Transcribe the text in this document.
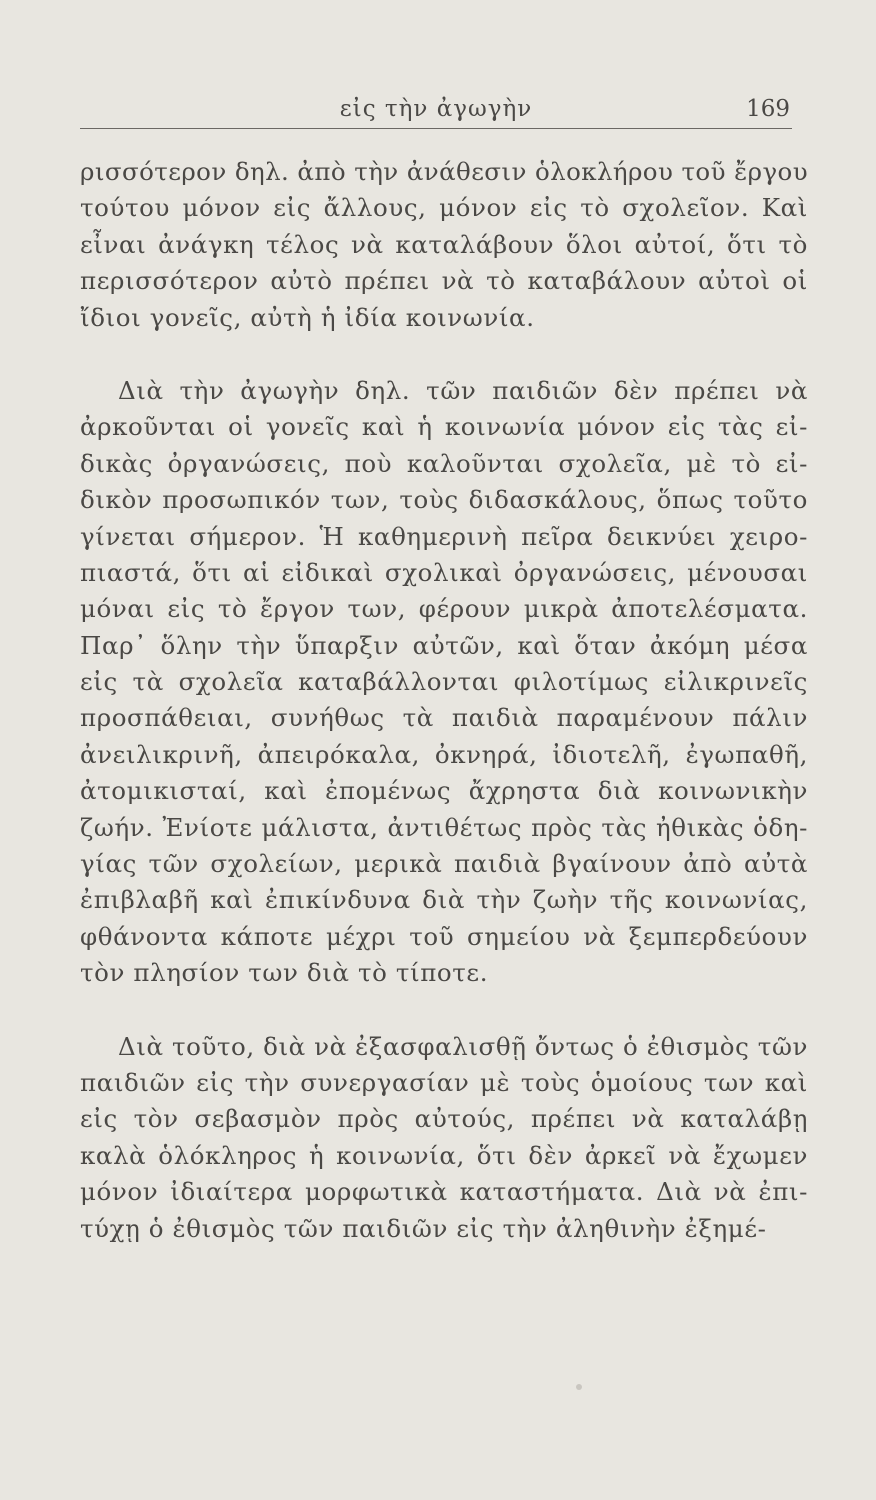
εἰς τὴν ἀγωγὴν	169
ρισσότερον δηλ. ἀπὸ τὴν ἀνάθεσιν ὁλοκλήρου τοῦ ἔργου
τούτου μόνον εἰς ἄλλους, μόνον εἰς τὸ σχολεῖον. Καὶ
εἶναι ἀνάγκη τέλος νὰ καταλάβουν ὅλοι αὐτοί, ὅτι τὸ
περισσότερον αὐτὸ πρέπει νὰ τὸ καταβάλουν αὐτοὶ οἱ
ἴδιοι γονεῖς, αὐτὴ ἡ ἰδία κοινωνία.
Διὰ τὴν ἀγωγὴν δηλ. τῶν παιδιῶν δὲν πρέπει νὰ
ἀρκοῦνται οἱ γονεῖς καὶ ἡ κοινωνία μόνον εἰς τὰς εἰ-
δικὰς ὀργανώσεις, ποὺ καλοῦνται σχολεῖα, μὲ τὸ εἰ-
δικὸν προσωπικόν των, τοὺς διδασκάλους, ὅπως τοῦτο
γίνεται σήμερον. Ἡ καθημερινὴ πεῖρα δεικνύει χειρο-
πιαστά, ὅτι αἱ εἰδικαὶ σχολικαὶ ὀργανώσεις, μένουσαι
μόναι εἰς τὸ ἔργον των, φέρουν μικρὰ ἀποτελέσματα.
Παρ᾿ ὅλην τὴν ὕπαρξιν αὐτῶν, καὶ ὅταν ἀκόμη μέσα
εἰς τὰ σχολεῖα καταβάλλονται φιλοτίμως εἰλικρινεῖς
προσπάθειαι, συνήθως τὰ παιδιὰ παραμένουν πάλιν
ἀνειλικρινῆ, ἀπειρόκαλα, ὀκνηρά, ἰδιοτελῆ, ἐγωπαθῆ,
ἀτομικισταί, καὶ ἐπομένως ἄχρηστα διὰ κοινωνικὴν
ζωήν. Ἐνίοτε μάλιστα, ἀντιθέτως πρὸς τὰς ἠθικὰς ὁδη-
γίας τῶν σχολείων, μερικὰ παιδιὰ βγαίνουν ἀπὸ αὐτὰ
ἐπιβλαβῆ καὶ ἐπικίνδυνα διὰ τὴν ζωὴν τῆς κοινωνίας,
φθάνοντα κάποτε μέχρι τοῦ σημείου νὰ ξεμπερδεύουν
τὸν πλησίον των διὰ τὸ τίποτε.
Διὰ τοῦτο, διὰ νὰ ἐξασφαλισθῇ ὄντως ὁ ἐθισμὸς τῶν
παιδιῶν εἰς τὴν συνεργασίαν μὲ τοὺς ὁμοίους των καὶ
εἰς τὸν σεβασμὸν πρὸς αὐτούς, πρέπει νὰ καταλάβῃ
καλὰ ὁλόκληρος ἡ κοινωνία, ὅτι δὲν ἀρκεῖ νὰ ἔχωμεν
μόνον ἰδιαίτερα μορφωτικὰ καταστήματα. Διὰ νὰ ἐπι-
τύχῃ ὁ ἐθισμὸς τῶν παιδιῶν εἰς τὴν ἀληθινὴν ἐξημέ-
